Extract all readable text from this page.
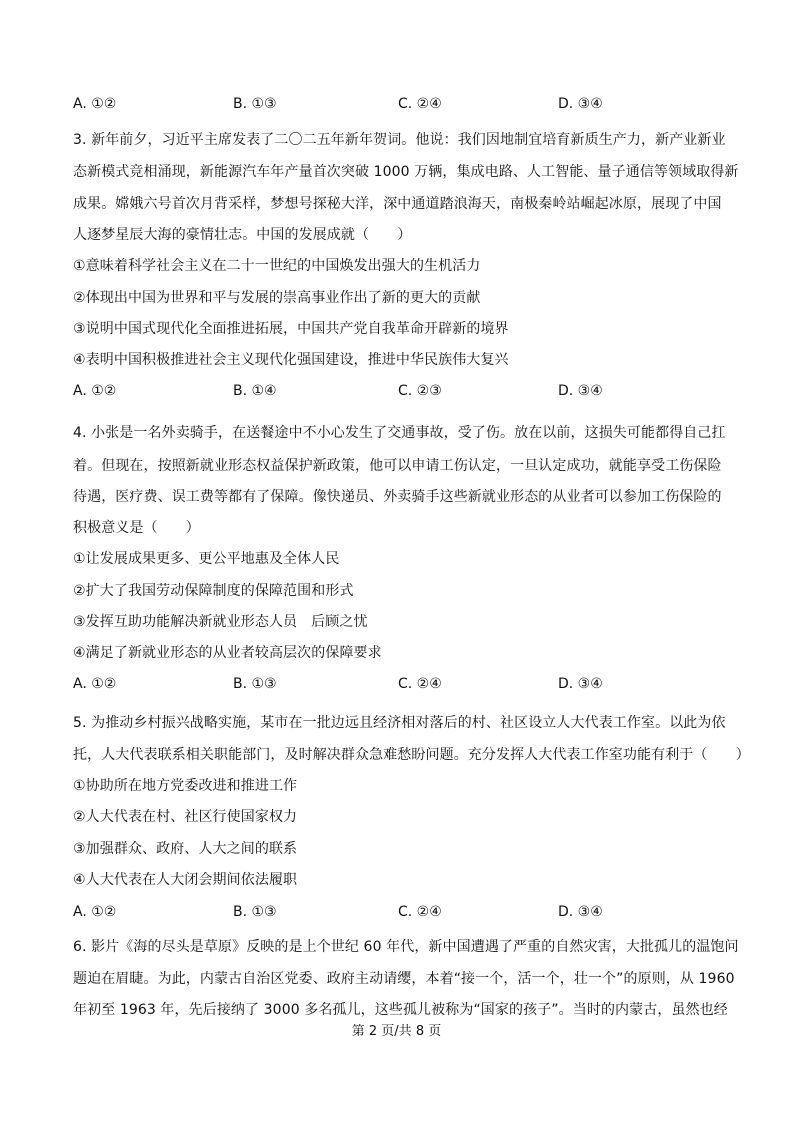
A. ①②	B. ①③	C. ②④	D. ③④
3. 新年前夕，习近平主席发表了二〇二五年新年贺词。他说：我们因地制宜培育新质生产力，新产业新业
态新模式竞相涌现，新能源汽车年产量首次突破 1000 万辆，集成电路、人工智能、量子通信等领域取得新
成果。嫦娥六号首次月背采样，梦想号探秘大洋，深中通道踏浪海天，南极秦岭站崛起冰原，展现了中国
人逐梦星辰大海的豪情壮志。中国的发展成就（　　）
①意味着科学社会主义在二十一世纪的中国焕发出强大的生机活力
②体现出中国为世界和平与发展的崇高事业作出了新的更大的贡献
③说明中国式现代化全面推进拓展，中国共产党自我革命开辟新的境界
④表明中国积极推进社会主义现代化强国建设，推进中华民族伟大复兴
A. ①②	B. ①④	C. ②③	D. ③④
4. 小张是一名外卖骑手，在送餐途中不小心发生了交通事故，受了伤。放在以前，这损失可能都得自己扛
着。但现在，按照新就业形态权益保护新政策，他可以申请工伤认定，一旦认定成功，就能享受工伤保险
待遇，医疗费、误工费等都有了保障。像快递员、外卖骑手这些新就业形态的从业者可以参加工伤保险的
积极意义是（　　）
①让发展成果更多、更公平地惠及全体人民
②扩大了我国劳动保障制度的保障范围和形式
③发挥互助功能解决新就业形态人员 后顾之忧
④满足了新就业形态的从业者较高层次的保障要求
A. ①②	B. ①③	C. ②④	D. ③④
5. 为推动乡村振兴战略实施，某市在一批边远且经济相对落后的村、社区设立人大代表工作室。以此为依
托，人大代表联系相关职能部门，及时解决群众急难愁盼问题。充分发挥人大代表工作室功能有利于（　　）
①协助所在地方党委改进和推进工作
②人大代表在村、社区行使国家权力
③加强群众、政府、人大之间的联系
④人大代表在人大闭会期间依法履职
A. ①②	B. ①③	C. ②④	D. ③④
6. 影片《海的尽头是草原》反映的是上个世纪 60 年代，新中国遭遇了严重的自然灾害，大批孤儿的温饱问
题迫在眉睫。为此，内蒙古自治区党委、政府主动请缨，本着“接一个，活一个，壮一个”的原则，从 1960
年初至 1963 年，先后接纳了 3000 多名孤儿，这些孤儿被称为“国家的孩子”。当时的内蒙古，虽然也经
第 2 页/共 8 页
